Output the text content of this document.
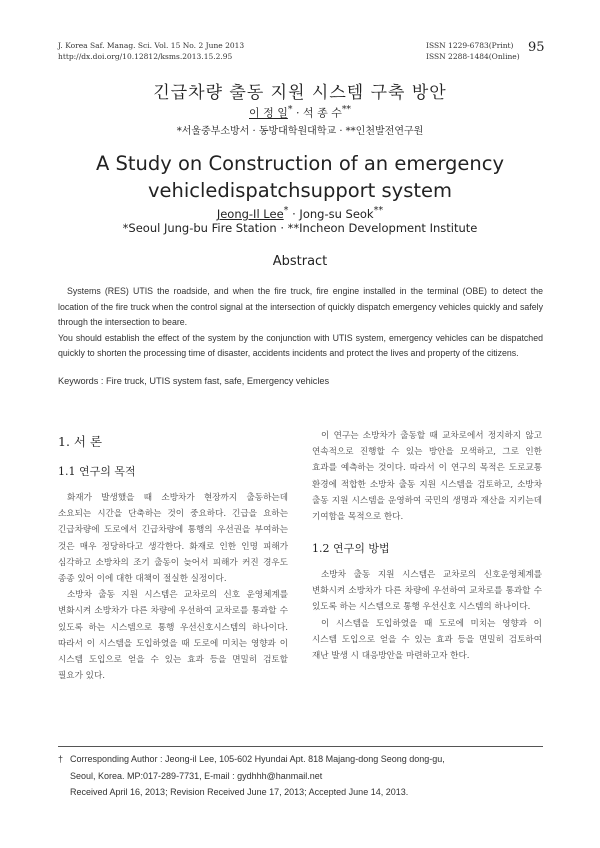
J. Korea Saf. Manag. Sci. Vol. 15 No. 2 June 2013
http://dx.doi.org/10.12812/ksms.2013.15.2.95
ISSN 1229-6783(Print)
ISSN 2288-1484(Online)
95
긴급차량 출동 지원 시스템 구축 방안
이 정 일* · 석 종 수**
*서울중부소방서 · 동방대학원대학교 · **인천발전연구원
A Study on Construction of an emergency
vehicledispatchsupport system
Jeong-Il Lee* · Jong-su Seok**
*Seoul Jung-bu Fire Station · **Incheon Development Institute
Abstract

Systems (RES) UTIS the roadside, and when the fire truck, fire engine installed in the terminal (OBE) to detect the location of the fire truck when the control signal at the intersection of quickly dispatch emergency vehicles quickly and safely through the intersection to beare.

You should establish the effect of the system by the conjunction with UTIS system, emergency vehicles can be dispatched quickly to shorten the processing time of disaster, accidents incidents and protect the lives and property of the citizens.

Keywords : Fire truck, UTIS system fast, safe, Emergency vehicles
1. 서 론
1.1 연구의 목적

화재가 발생했을 때 소방차가 현장까지 출동하는데 소요되는 시간을 단축하는 것이 중요하다. 긴급을 요하는 긴급차량에 도로에서 긴급차량에 통행의 우선권을 부여하는 것은 매우 정당하다고 생각한다. 화재로 인한 인명 피해가 심각하고 소방차의 조기 출동이 늦어서 피해가 커진 경우도 종종 있어 이에 대한 대책이 절실한 실정이다.

소방차 출동 지원 시스템은 교차로의 신호 운영체계를 변화시켜 소방차가 다른 차량에 우선하여 교차로를 통과할 수 있도록 하는 시스템으로 통행 우선신호시스템의 하나이다. 따라서 이 시스템을 도입하였을 때 도로에 미치는 영향과 이 시스템 도입으로 얻을 수 있는 효과 등을 면밀히 검토할 필요가 있다.

이 연구는 소방차가 출동할 때 교차로에서 정지하지 않고 연속적으로 진행할 수 있는 방안을 모색하고, 그로 인한 효과를 예측하는 것이다. 따라서 이 연구의 목적은 도로교통 환경에 적합한 소방차 출동 지원 시스템을 검토하고, 소방차 출동 지원 시스템을 운영하여 국민의 생명과 재산을 지키는데 기여함을 목적으로 한다.

1.2 연구의 방법

소방차 출동 지원 시스템은 교차로의 신호운영체계를 변화시켜 소방차가 다른 차량에 우선하여 교차로를 통과할 수 있도록 하는 시스템으로 통행 우선신호 시스템의 하나이다.

이 시스템을 도입하였을 때 도로에 미치는 영향과 이 시스템 도입으로 얻을 수 있는 효과 등을 면밀히 검토하여 재난 발생 시 대응방안을 마련하고자 한다.

† Corresponding Author : Jeong-il Lee, 105-602 Hyundai Apt. 818 Majang-dong Seong dong-gu,
Seoul, Korea. MP:017-289-7731, E-mail : gydhhh@hanmail.net
Received April 16, 2013; Revision Received June 17, 2013; Accepted June 14, 2013.
